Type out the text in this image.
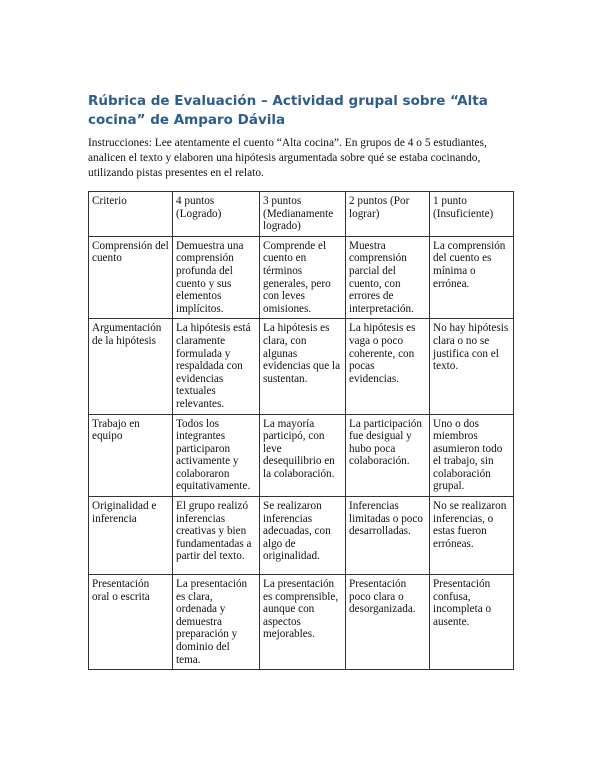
Rúbrica de Evaluación – Actividad grupal sobre “Alta cocina” de Amparo Dávila

Instrucciones: Lee atentamente el cuento “Alta cocina”. En grupos de 4 o 5 estudiantes, analicen el texto y elaboren una hipótesis argumentada sobre qué se estaba cocinando, utilizando pistas presentes en el relato.

Criterio	4 puntos (Logrado)	3 puntos (Medianamente logrado)	2 puntos (Por lograr)	1 punto (Insuficiente)
Comprensión del cuento	Demuestra una comprensión profunda del cuento y sus elementos implícitos.	Comprende el cuento en términos generales, pero con leves omisiones.	Muestra comprensión parcial del cuento, con errores de interpretación.	La comprensión del cuento es mínima o errónea.
Argumentación de la hipótesis	La hipótesis está claramente formulada y respaldada con evidencias textuales relevantes.	La hipótesis es clara, con algunas evidencias que la sustentan.	La hipótesis es vaga o poco coherente, con pocas evidencias.	No hay hipótesis clara o no se justifica con el texto.
Trabajo en equipo	Todos los integrantes participaron activamente y colaboraron equitativamente.	La mayoría participó, con leve desequilibrio en la colaboración.	La participación fue desigual y hubo poca colaboración.	Uno o dos miembros asumieron todo el trabajo, sin colaboración grupal.
Originalidad e inferencia	El grupo realizó inferencias creativas y bien fundamentadas a partir del texto.	Se realizaron inferencias adecuadas, con algo de originalidad.	Inferencias limitadas o poco desarrolladas.	No se realizaron inferencias, o estas fueron erróneas.
Presentación oral o escrita	La presentación es clara, ordenada y demuestra preparación y dominio del tema.	La presentación es comprensible, aunque con aspectos mejorables.	Presentación poco clara o desorganizada.	Presentación confusa, incompleta o ausente.
